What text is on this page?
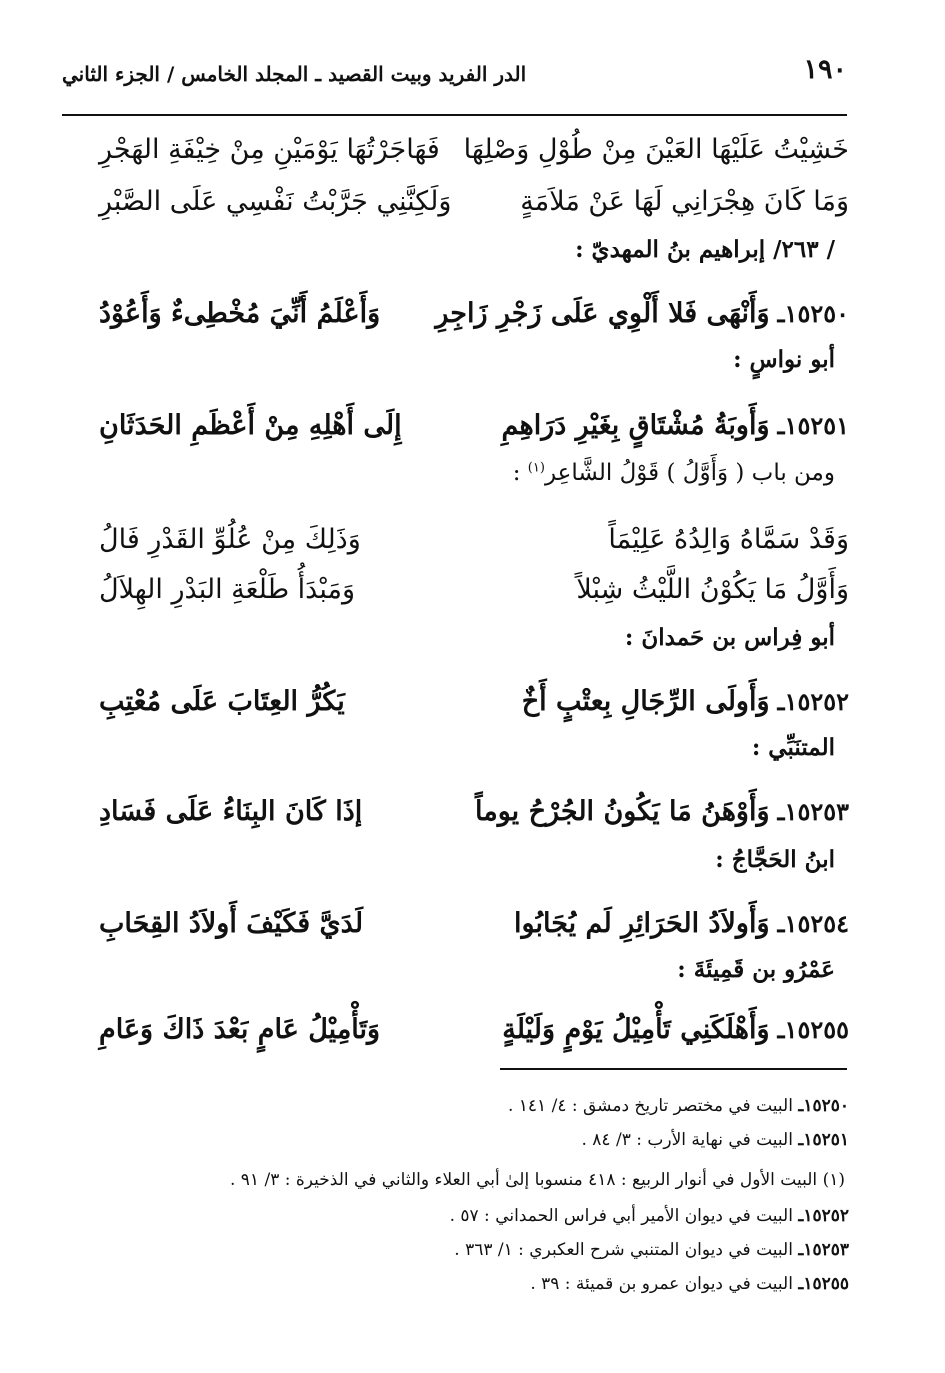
١٩٠
الدر الفريد وبيت القصيد ـ المجلد الخامس / الجزء الثاني
خَشِيْتُ عَلَيْهَا العَيْنَ مِنْ طُوْلِ وَصْلِهَا
فَهَاجَرْتُهَا يَوْمَيْنِ مِنْ خِيْفَةِ الهَجْرِ
وَمَا كَانَ هِجْرَانِي لَهَا عَنْ مَلاَمَةٍ
وَلَكِنَّنِي جَرَّبْتُ نَفْسِي عَلَى الصَّبْرِ
/ ٢٦٣/ إبراهيم بنُ المهديّ :
١٥٢٥٠ـ
وَأَنْهَى فَلا أَلْوِي عَلَى زَجْرِ زَاجِرِ
وَأَعْلَمُ أَنِّيَ مُخْطِىءٌ وَأَعُوْدُ
أبو نواسٍ :
١٥٢٥١ـ
وَأَوبَةُ مُشْتَاقٍ بِغَيْرِ دَرَاهِمِ
إِلَى أَهْلِهِ مِنْ أَعْظَمِ الحَدَثَانِ
ومن باب ( وَأَوَّلُ ) قَوْلُ الشَّاعِر$^{(١)}$ :
وَقَدْ سَمَّاهُ وَالِدُهُ عَلِيْمَاً
وَذَلِكَ مِنْ عُلُوِّ القَدْرِ فَالُ
وَأَوَّلُ مَا يَكُوْنُ اللَّيْثُ شِبْلاً
وَمَبْدَأُ طَلْعَةِ البَدْرِ الهِلاَلُ
أبو فِراس بن حَمدانَ :
١٥٢٥٢ـ
وَأَولَى الرِّجَالِ بِعتْبٍ أَخٌ
يَكُرُّ العِتَابَ عَلَى مُعْتِبِ
المتنَبِّي :
١٥٢٥٣ـ
وَأَوْهَنُ مَا يَكُونُ الجُرْحُ يوماً
إذَا كَانَ البِنَاءُ عَلَى فَسَادِ
ابنُ الحَجَّاجُ :
١٥٢٥٤ـ
وَأَولاَدُ الحَرَائِرِ لَم يُجَابُوا
لَدَيَّ فَكَيْفَ أَولاَدُ القِحَابِ
عَمْرُو بن قَمِيئَةَ :
١٥٢٥٥ـ
وَأَهْلَكَنِي تَأْمِيْلُ يَوْمٍ وَلَيْلَةٍ
وَتَأْمِيْلُ عَامٍ بَعْدَ ذَاكَ وَعَامِ
١٥٢٥٠ـ البيت في مختصر تاريخ دمشق : ٤/ ١٤١ .
١٥٢٥١ـ البيت في نهاية الأرب : ٣/ ٨٤ .
(١) البيت الأول في أنوار الربيع : ٤١٨ منسوبا إلىٰ أبي العلاء والثاني في الذخيرة : ٣/ ٩١ .
١٥٢٥٢ـ البيت في ديوان الأمير أبي فراس الحمداني : ٥٧ .
١٥٢٥٣ـ البيت في ديوان المتنبي شرح العكبري : ١/ ٣٦٣ .
١٥٢٥٥ـ البيت في ديوان عمرو بن قميئة : ٣٩ .
